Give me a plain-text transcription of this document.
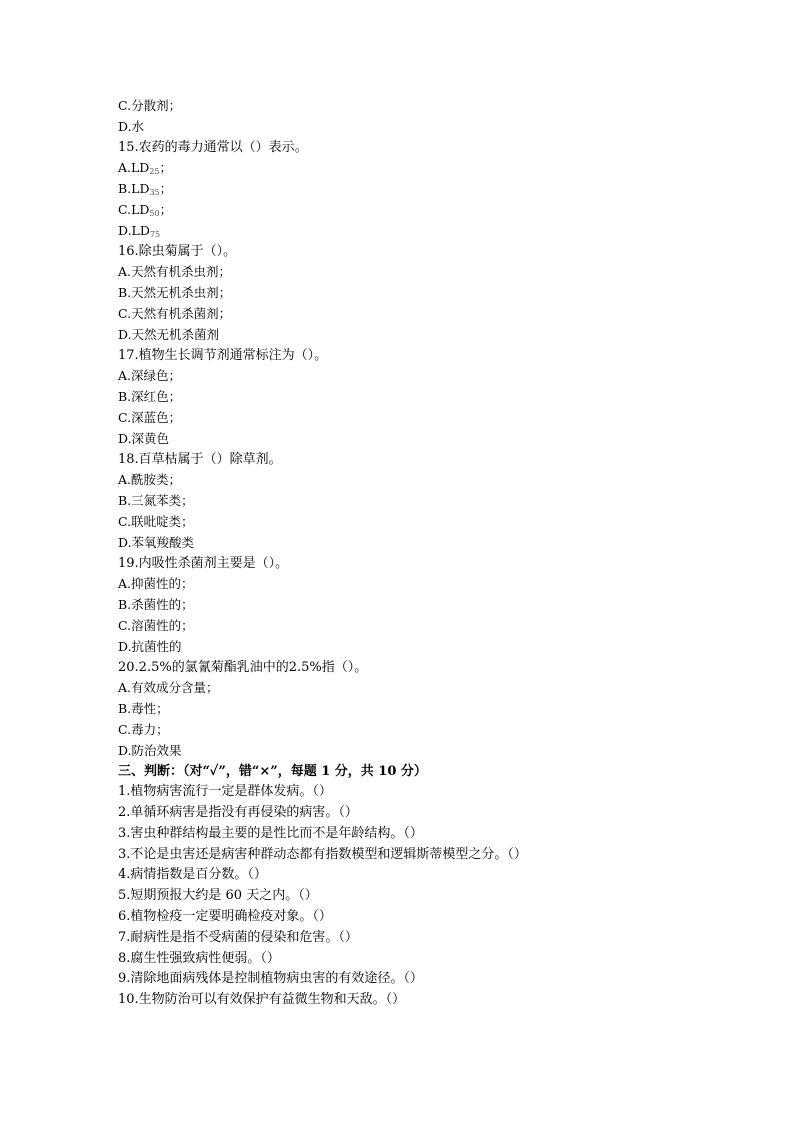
C.分散剂；
D.水
15.农药的毒力通常以（）表示。
$A.LD_{25}$；
$B.LD_{35}$；
$C.LD_{50}$；
$D.LD_{75}$
16.除虫菊属于（）。
A.天然有机杀虫剂；
B.天然无机杀虫剂；
C.天然有机杀菌剂；
D.天然无机杀菌剂
17.植物生长调节剂通常标注为（）。
A.深绿色；
B.深红色；
C.深蓝色；
D.深黄色
18.百草枯属于（）除草剂。
A.酰胺类；
B.三氮苯类；
C.联吡啶类；
D.苯氧羧酸类
19.内吸性杀菌剂主要是（）。
A.抑菌性的；
B.杀菌性的；
C.溶菌性的；
D.抗菌性的
20.2.5%的氯氰菊酯乳油中的2.5%指（）。
A.有效成分含量；
B.毒性；
C.毒力；
D.防治效果
三、判断：（对“✓”，错“×”，每题 1 分，共 10 分）
1.植物病害流行一定是群体发病。（）
2.单循环病害是指没有再侵染的病害。（）
3.害虫种群结构最主要的是性比而不是年龄结构。（）
3.不论是虫害还是病害种群动态都有指数模型和逻辑斯蒂模型之分。（）
4.病情指数是百分数。（）
5.短期预报大约是 60 天之内。（）
6.植物检疫一定要明确检疫对象。（）
7.耐病性是指不受病菌的侵染和危害。（）
8.腐生性强致病性便弱。（）
9.清除地面病残体是控制植物病虫害的有效途径。（）
10.生物防治可以有效保护有益微生物和天敌。（）
